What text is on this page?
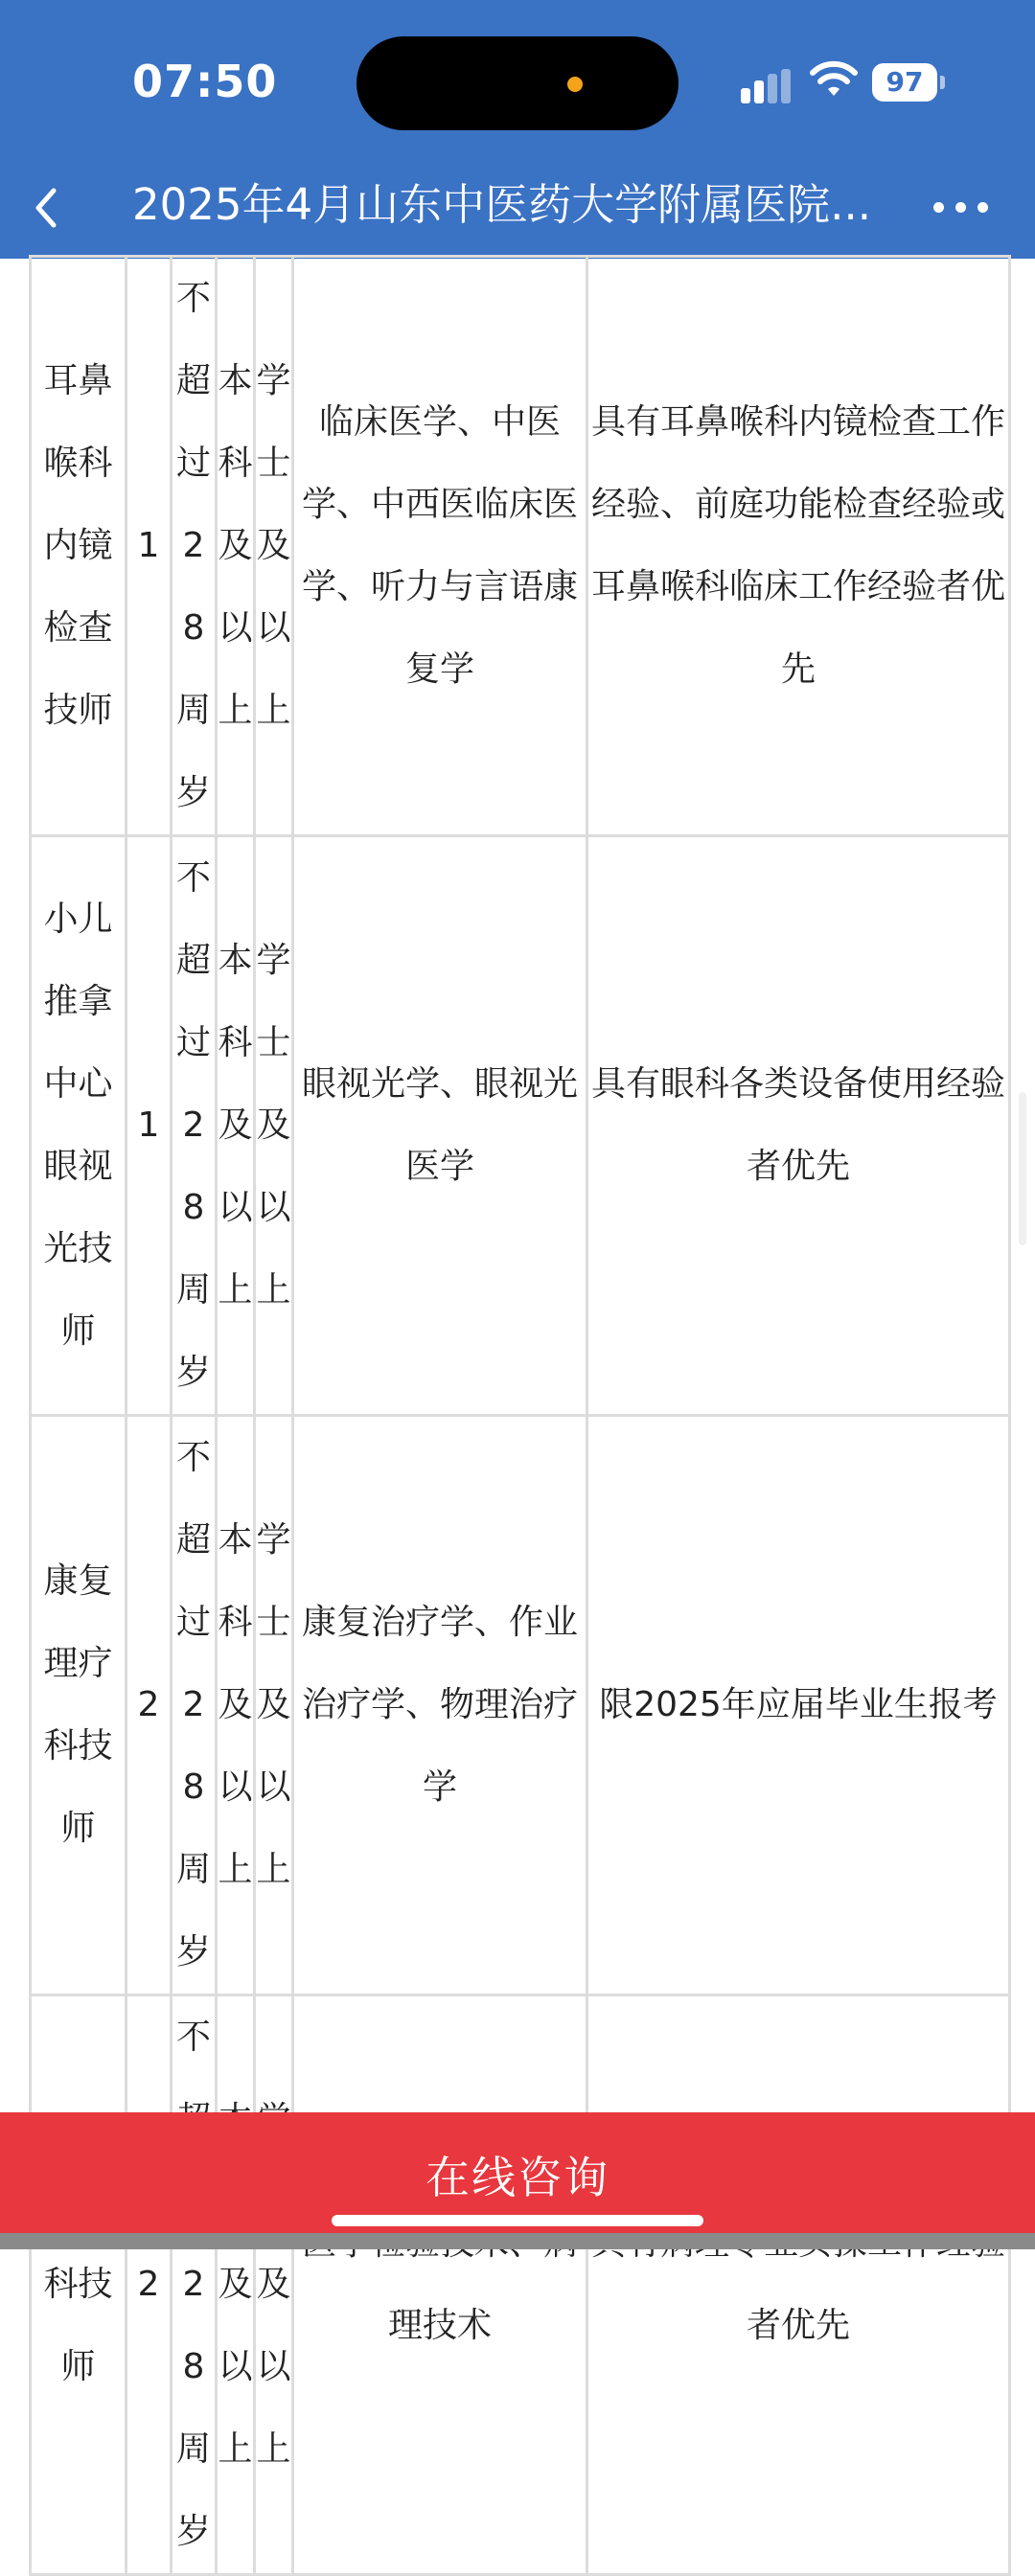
07:50	97
2025年4月山东中医药大学附属医院...
耳鼻喉科内镜检查技师	1	不超过28周岁	本科及以上	学士及以上	临床医学、中医学、中西医临床医学、听力与言语康复学	具有耳鼻喉科内镜检查工作经验、前庭功能检查经验或耳鼻喉科临床工作经验者优先
小儿推拿中心眼视光技师	1	不超过28周岁	本科及以上	学士及以上	眼视光学、眼视光医学	具有眼科各类设备使用经验者优先
康复理疗科技师	2	不超过28周岁	本科及以上	学士及以上	康复治疗学、作业治疗学、物理治疗学	限2025年应届毕业生报考
科技师	2	不 28周岁	及以上	及以上	理技术	者优先
在线咨询
